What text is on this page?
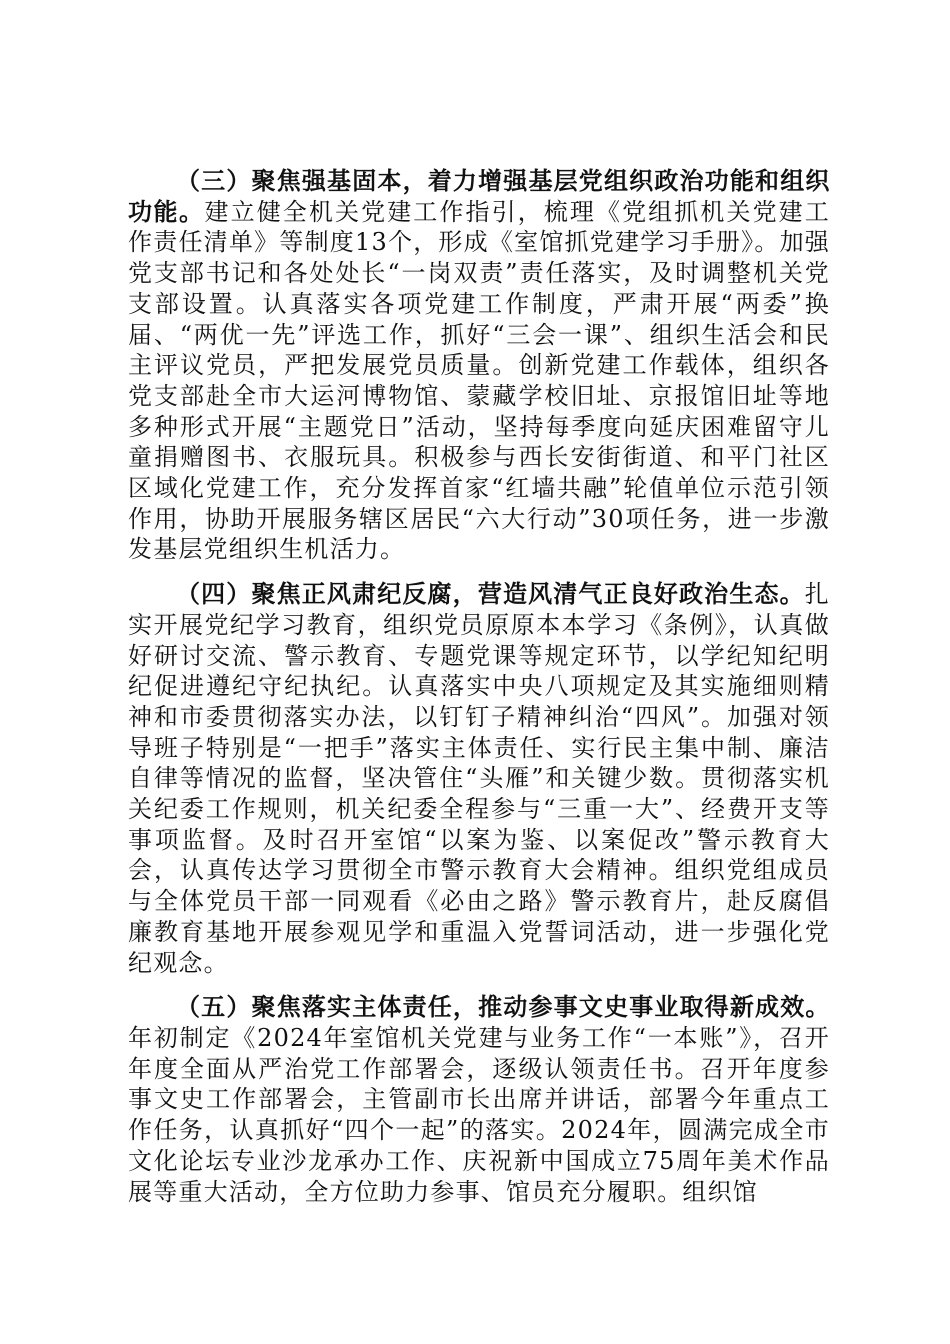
（三）聚焦强基固本，着力增强基层党组织政治功能和组织功能。建立健全机关党建工作指引，梳理《党组抓机关党建工作责任清单》等制度13个，形成《室馆抓党建学习手册》。加强党支部书记和各处处长“一岗双责”责任落实，及时调整机关党支部设置。认真落实各项党建工作制度，严肃开展“两委”换届、“两优一先”评选工作，抓好“三会一课”、组织生活会和民主评议党员，严把发展党员质量。创新党建工作载体，组织各党支部赴全市大运河博物馆、蒙藏学校旧址、京报馆旧址等地多种形式开展“主题党日”活动，坚持每季度向延庆困难留守儿童捐赠图书、衣服玩具。积极参与西长安街街道、和平门社区区域化党建工作，充分发挥首家“红墙共融”轮值单位示范引领作用，协助开展服务辖区居民“六大行动”30项任务，进一步激发基层党组织生机活力。

（四）聚焦正风肃纪反腐，营造风清气正良好政治生态。扎实开展党纪学习教育，组织党员原原本本学习《条例》，认真做好研讨交流、警示教育、专题党课等规定环节，以学纪知纪明纪促进遵纪守纪执纪。认真落实中央八项规定及其实施细则精神和市委贯彻落实办法，以钉钉子精神纠治“四风”。加强对领导班子特别是“一把手”落实主体责任、实行民主集中制、廉洁自律等情况的监督，坚决管住“头雁”和关键少数。贯彻落实机关纪委工作规则，机关纪委全程参与“三重一大”、经费开支等事项监督。及时召开室馆“以案为鉴、以案促改”警示教育大会，认真传达学习贯彻全市警示教育大会精神。组织党组成员与全体党员干部一同观看《必由之路》警示教育片，赴反腐倡廉教育基地开展参观见学和重温入党誓词活动，进一步强化党纪观念。

（五）聚焦落实主体责任，推动参事文史事业取得新成效。年初制定《2024年室馆机关党建与业务工作“一本账”》，召开年度全面从严治党工作部署会，逐级认领责任书。召开年度参事文史工作部署会，主管副市长出席并讲话，部署今年重点工作任务，认真抓好“四个一起”的落实。2024年，圆满完成全市文化论坛专业沙龙承办工作、庆祝新中国成立75周年美术作品展等重大活动，全方位助力参事、馆员充分履职。组织馆
